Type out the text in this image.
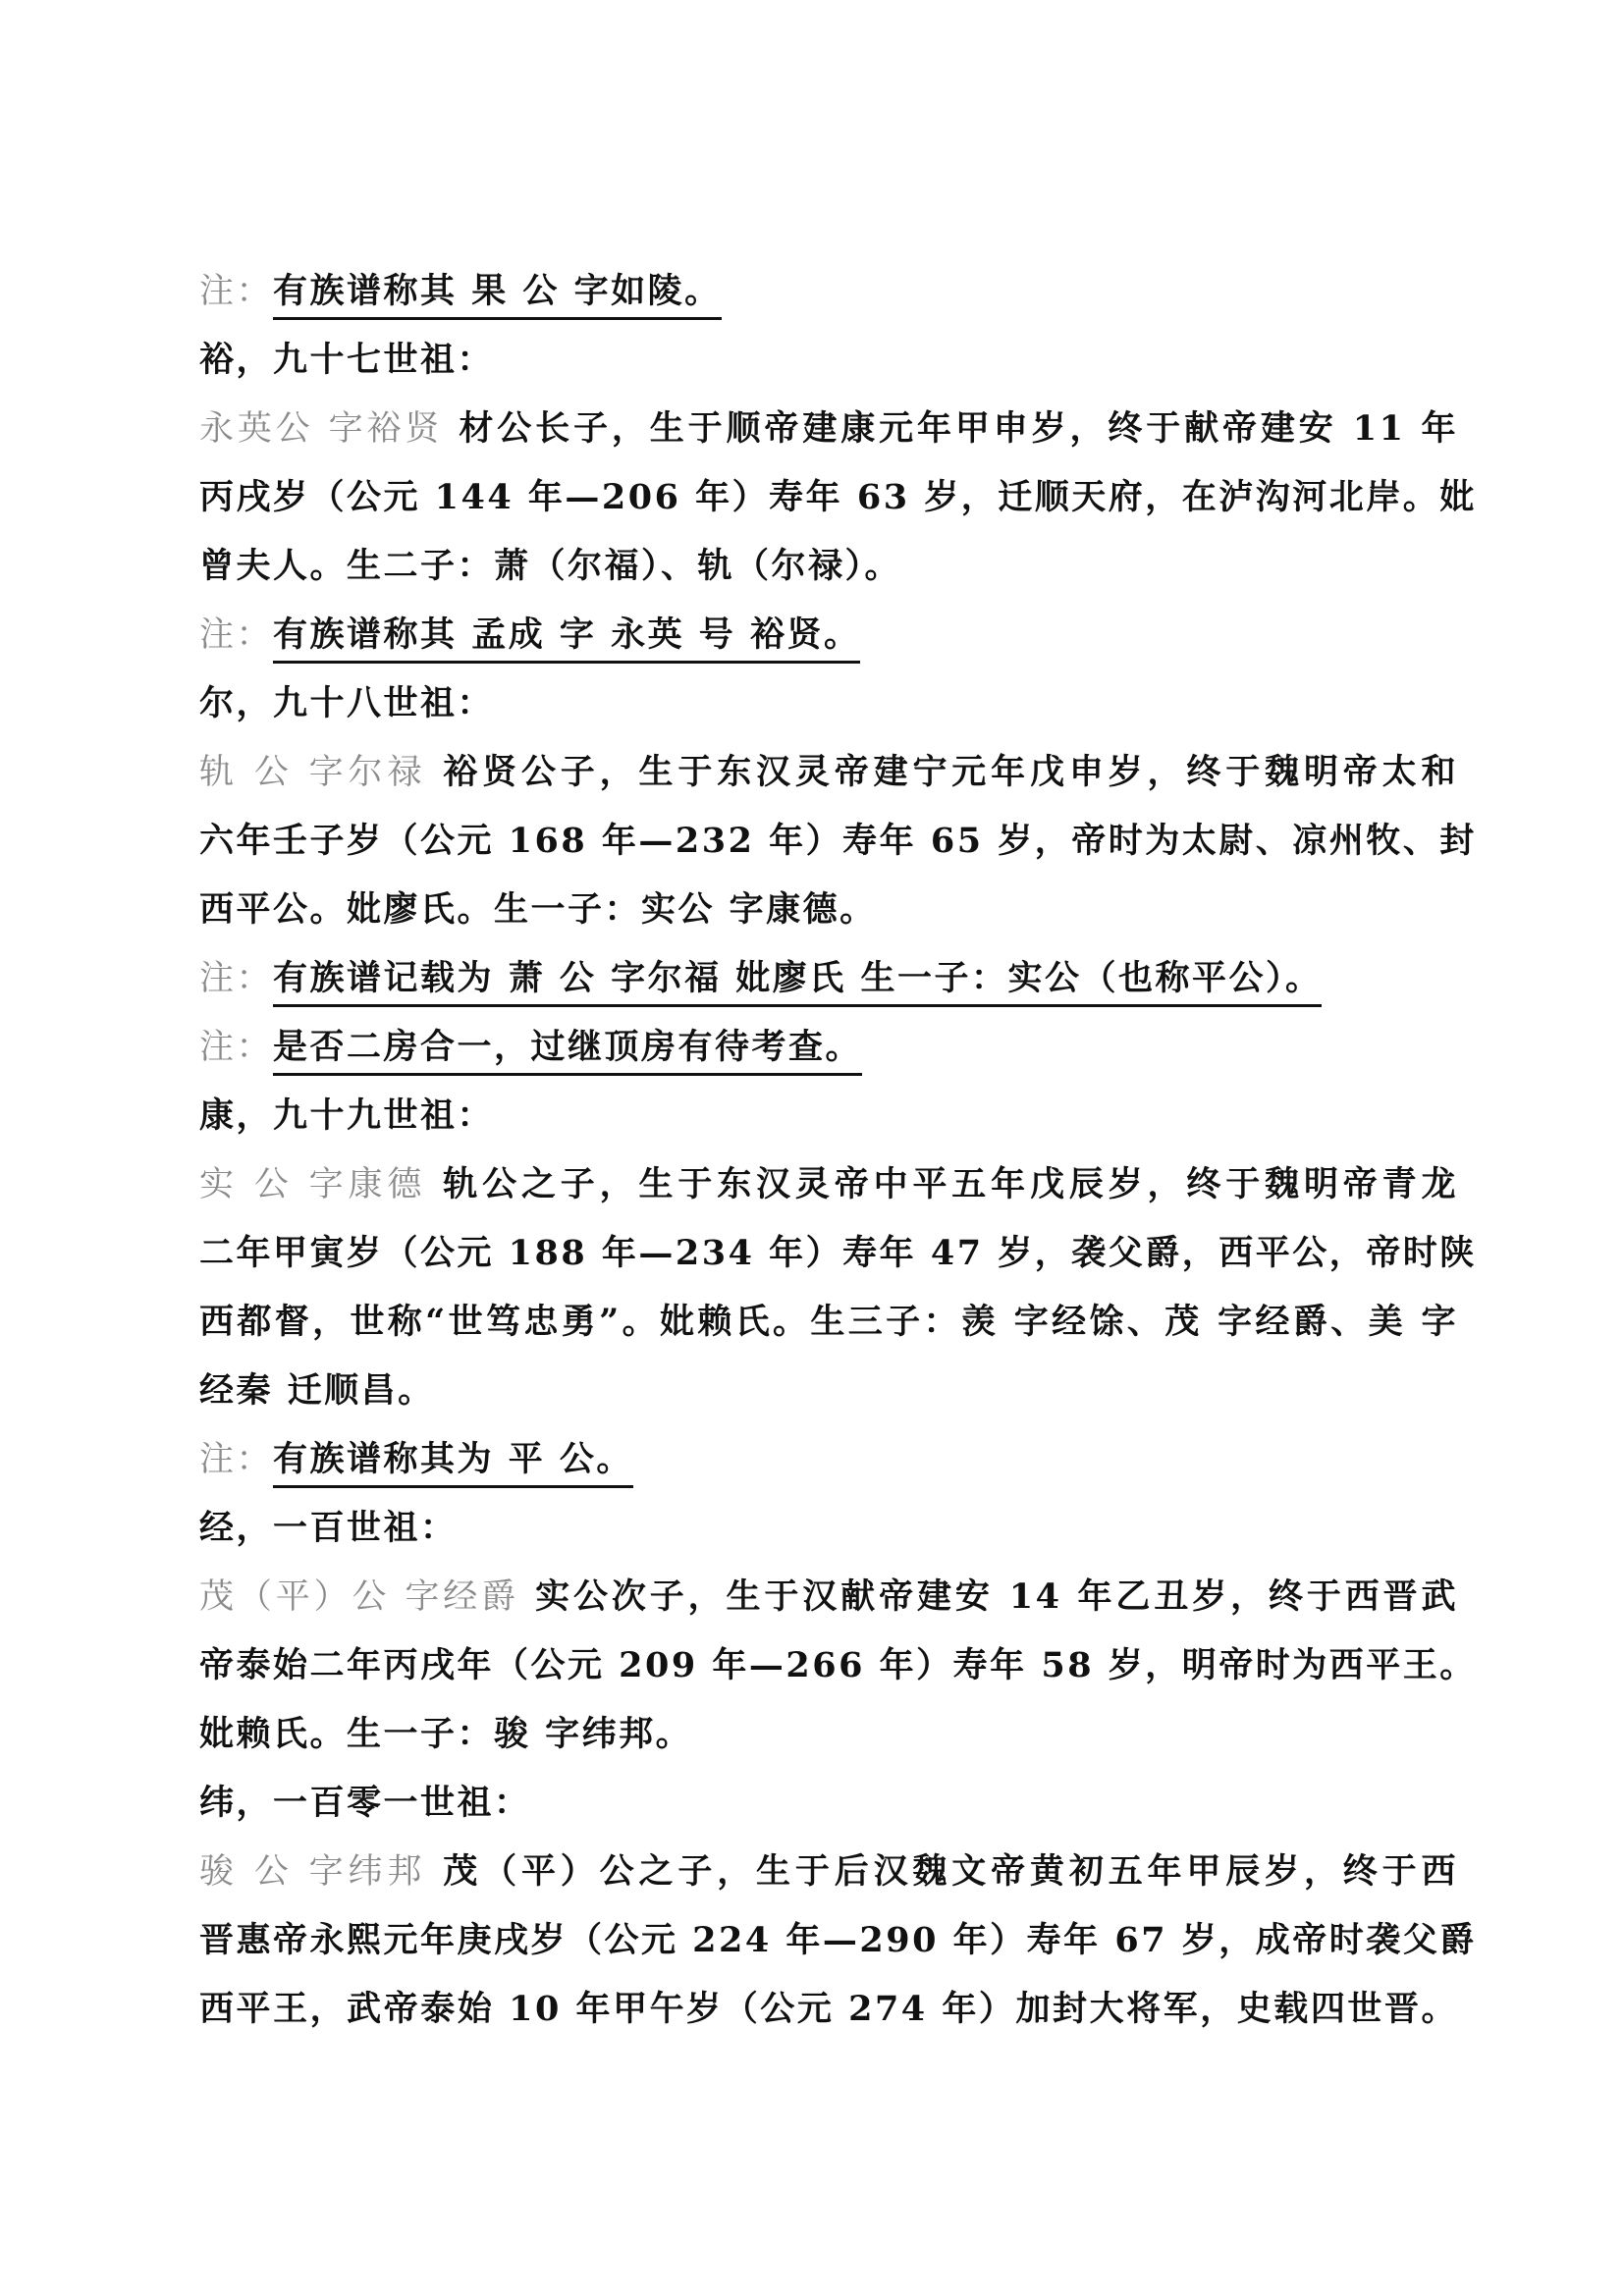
注：有族谱称其 果 公 字如陵。
裕，九十七世祖：
永英公 字裕贤 材公长子，生于顺帝建康元年甲申岁，终于献帝建安 11 年
丙戌岁（公元 144 年—206 年）寿年 63 岁，迁顺天府，在泸沟河北岸。妣
曾夫人。生二子：萧（尔福）、轨（尔禄）。
注：有族谱称其 孟成 字 永英 号 裕贤。
尔，九十八世祖：
轨 公 字尔禄 裕贤公子，生于东汉灵帝建宁元年戊申岁，终于魏明帝太和
六年壬子岁（公元 168 年—232 年）寿年 65 岁，帝时为太尉、凉州牧、封
西平公。妣廖氏。生一子：实公 字康德。
注：有族谱记载为 萧 公 字尔福 妣廖氏 生一子：实公（也称平公）。
注：是否二房合一，过继顶房有待考查。
康，九十九世祖：
实 公 字康德 轨公之子，生于东汉灵帝中平五年戊辰岁，终于魏明帝青龙
二年甲寅岁（公元 188 年—234 年）寿年 47 岁，袭父爵，西平公，帝时陕
西都督，世称“世笃忠勇”。妣赖氏。生三子：羡 字经馀、茂 字经爵、美 字
经秦 迁顺昌。
注：有族谱称其为 平 公。
经，一百世祖：
茂（平）公 字经爵 实公次子，生于汉献帝建安 14 年乙丑岁，终于西晋武
帝泰始二年丙戌年（公元 209 年—266 年）寿年 58 岁，明帝时为西平王。
妣赖氏。生一子：骏 字纬邦。
纬，一百零一世祖：
骏 公 字纬邦 茂（平）公之子，生于后汉魏文帝黄初五年甲辰岁，终于西
晋惠帝永熙元年庚戌岁（公元 224 年—290 年）寿年 67 岁，成帝时袭父爵
西平王，武帝泰始 10 年甲午岁（公元 274 年）加封大将军，史载四世晋。
